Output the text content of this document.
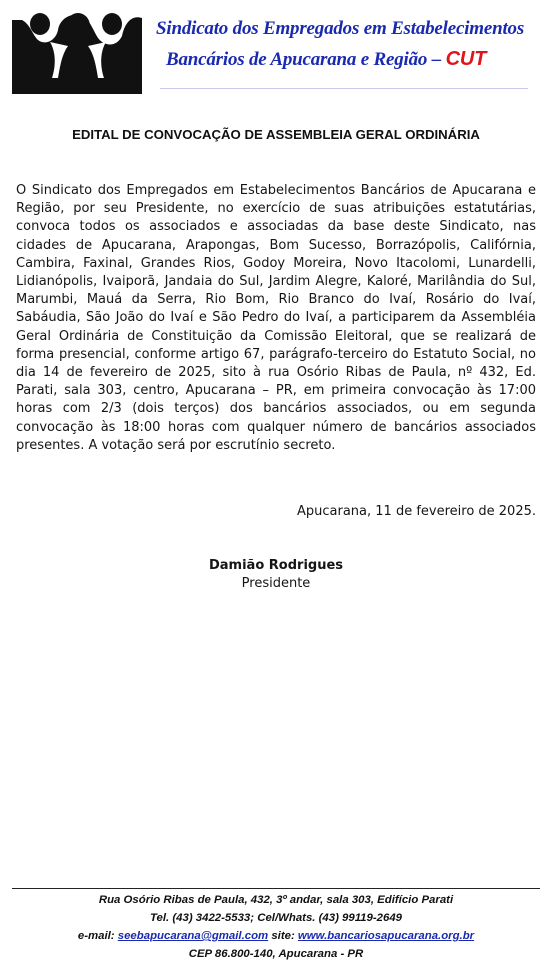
Sindicato dos Empregados em Estabelecimentos
Bancários de Apucarana e Região – CUT
EDITAL DE CONVOCAÇÃO DE ASSEMBLEIA GERAL ORDINÁRIA
O Sindicato dos Empregados em Estabelecimentos Bancários de Apucarana e Região, por seu Presidente, no exercício de suas atribuições estatutárias, convoca todos os associados e associadas da base deste Sindicato, nas cidades de Apucarana, Arapongas, Bom Sucesso, Borrazópolis, Califórnia, Cambira, Faxinal, Grandes Rios, Godoy Moreira, Novo Itacolomi, Lunardelli, Lidianópolis, Ivaiporã, Jandaia do Sul, Jardim Alegre, Kaloré, Marilândia do Sul, Marumbi, Mauá da Serra, Rio Bom, Rio Branco do Ivaí, Rosário do Ivaí, Sabáudia, São João do Ivaí e São Pedro do Ivaí, a participarem da Assembléia Geral Ordinária de Constituição da Comissão Eleitoral, que se realizará de forma presencial, conforme artigo 67, parágrafo-terceiro do Estatuto Social, no dia 14 de fevereiro de 2025, sito à rua Osório Ribas de Paula, nº 432, Ed. Parati, sala 303, centro, Apucarana – PR, em primeira convocação às 17:00 horas com 2/3 (dois terços) dos bancários associados, ou em segunda convocação às 18:00 horas com qualquer número de bancários associados presentes. A votação será por escrutínio secreto.
Apucarana, 11 de fevereiro de 2025.
Damião Rodrigues
Presidente
Rua Osório Ribas de Paula, 432, 3º andar, sala 303, Edifício Parati
Tel. (43) 3422-5533; Cel/Whats. (43) 99119-2649
e-mail: seebapucarana@gmail.com site: www.bancariosapucarana.org.br
CEP 86.800-140, Apucarana - PR
